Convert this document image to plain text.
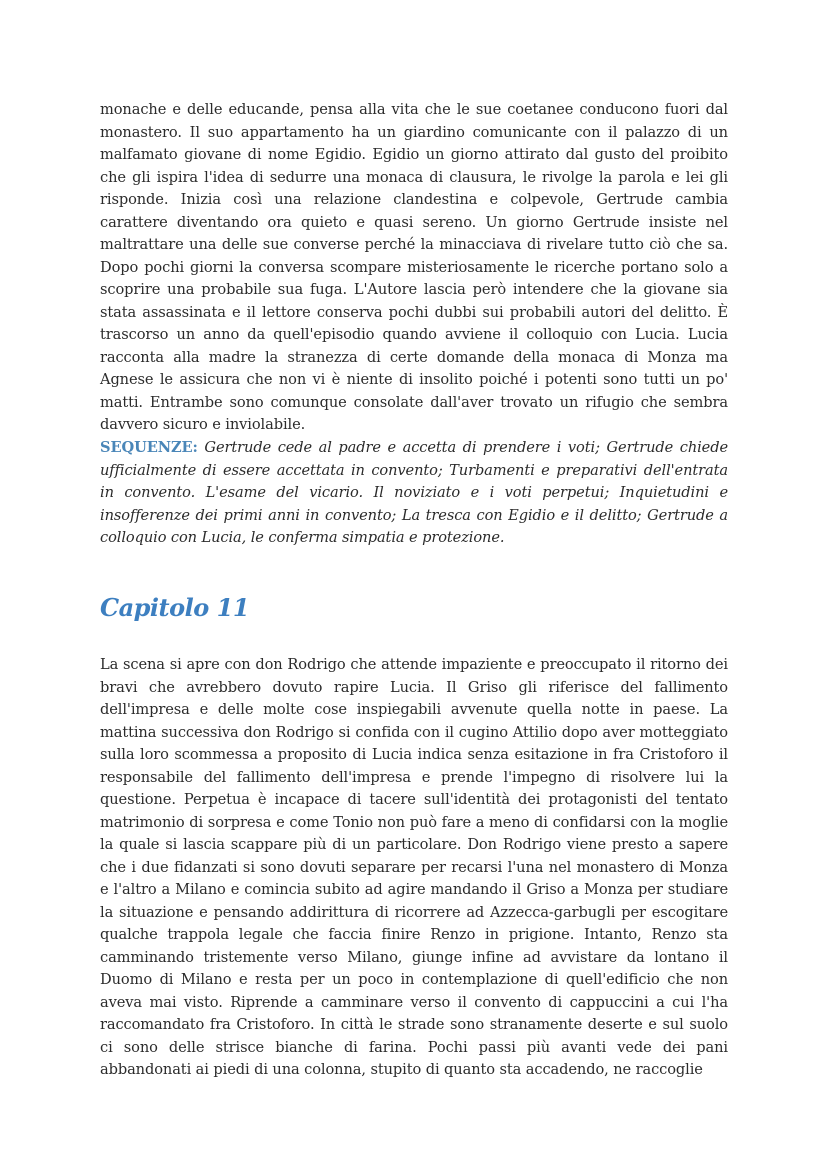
monache e delle educande, pensa alla vita che le sue coetanee conducono fuori dal monastero. Il suo appartamento ha un giardino comunicante con il palazzo di un malfamato giovane di nome Egidio. Egidio un giorno attirato dal gusto del proibito che gli ispira l'idea di sedurre una monaca di clausura, le rivolge la parola e lei gli risponde. Inizia così una relazione clandestina e colpevole, Gertrude cambia carattere diventando ora quieto e quasi sereno. Un giorno Gertrude insiste nel maltrattare una delle sue converse perché la minacciava di rivelare tutto ciò che sa. Dopo pochi giorni la conversa scompare misteriosamente le ricerche portano solo a scoprire una probabile sua fuga. L'Autore lascia però intendere che la giovane sia stata assassinata e il lettore conserva pochi dubbi sui probabili autori del delitto. È trascorso un anno da quell'episodio quando avviene il colloquio con Lucia. Lucia racconta alla madre la stranezza di certe domande della monaca di Monza ma Agnese le assicura che non vi è niente di insolito poiché i potenti sono tutti un po' matti. Entrambe sono comunque consolate dall'aver trovato un rifugio che sembra davvero sicuro e inviolabile.

SEQUENZE: Gertrude cede al padre e accetta di prendere i voti; Gertrude chiede ufficialmente di essere accettata in convento; Turbamenti e preparativi dell'entrata in convento. L'esame del vicario. Il noviziato e i voti perpetui; Inquietudini e insofferenze dei primi anni in convento; La tresca con Egidio e il delitto; Gertrude a colloquio con Lucia, le conferma simpatia e protezione.

Capitolo 11

La scena si apre con don Rodrigo che attende impaziente e preoccupato il ritorno dei bravi che avrebbero dovuto rapire Lucia. Il Griso gli riferisce del fallimento dell'impresa e delle molte cose inspiegabili avvenute quella notte in paese. La mattina successiva don Rodrigo si confida con il cugino Attilio dopo aver motteggiato sulla loro scommessa a proposito di Lucia indica senza esitazione in fra Cristoforo il responsabile del fallimento dell'impresa e prende l'impegno di risolvere lui la questione. Perpetua è incapace di tacere sull'identità dei protagonisti del tentato matrimonio di sorpresa e come Tonio non può fare a meno di confidarsi con la moglie la quale si lascia scappare più di un particolare. Don Rodrigo viene presto a sapere che i due fidanzati si sono dovuti separare per recarsi l'una nel monastero di Monza e l'altro a Milano e comincia subito ad agire mandando il Griso a Monza per studiare la situazione e pensando addirittura di ricorrere ad Azzecca-garbugli per escogitare qualche trappola legale che faccia finire Renzo in prigione. Intanto, Renzo sta camminando tristemente verso Milano, giunge infine ad avvistare da lontano il Duomo di Milano e resta per un poco in contemplazione di quell'edificio che non aveva mai visto. Riprende a camminare verso il convento di cappuccini a cui l'ha raccomandato fra Cristoforo. In città le strade sono stranamente deserte e sul suolo ci sono delle strisce bianche di farina. Pochi passi più avanti vede dei pani abbandonati ai piedi di una colonna, stupito di quanto sta accadendo, ne raccoglie
